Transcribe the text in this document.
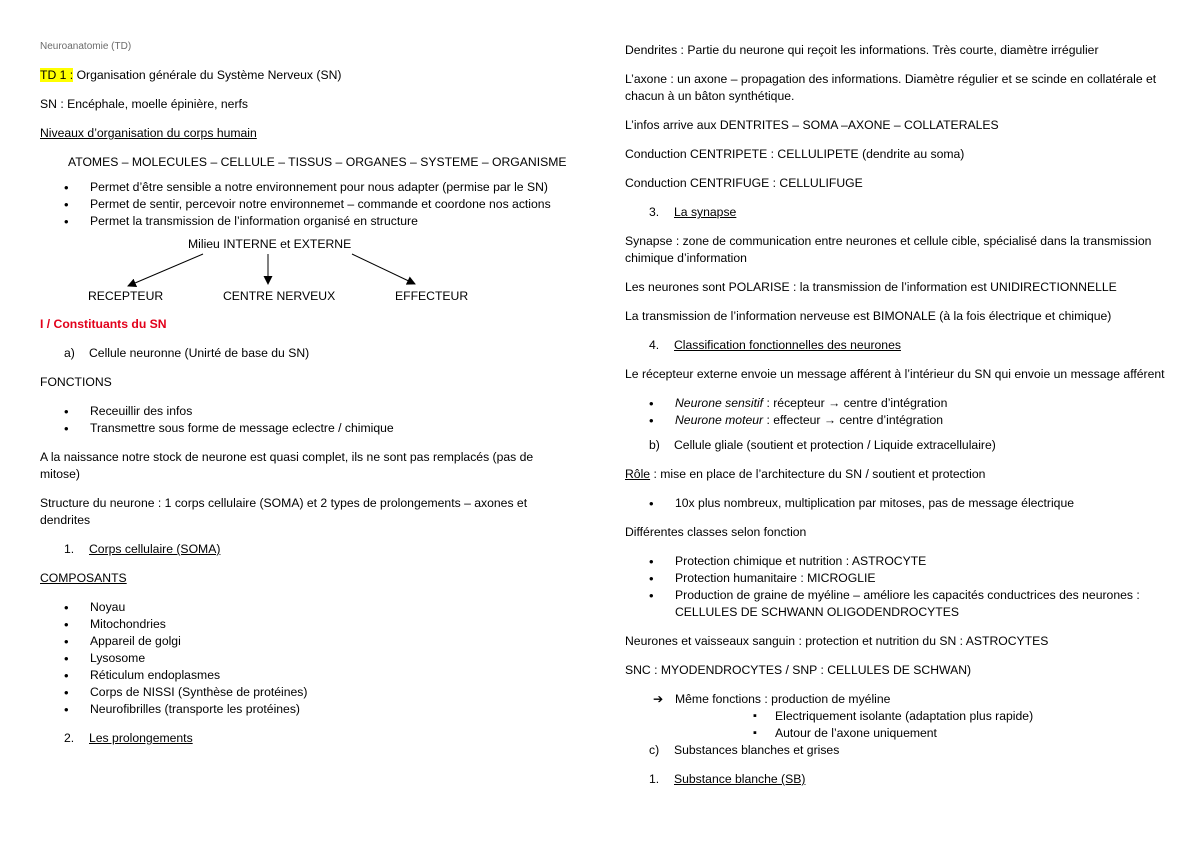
Neuroanatomie (TD)

TD 1 : Organisation générale du Système Nerveux (SN)

SN : Encéphale, moelle épinière, nerfs

Niveaux d’organisation du corps humain

ATOMES – MOLECULES – CELLULE – TISSUS – ORGANES – SYSTEME – ORGANISME

• Permet d’être sensible a notre environnement pour nous adapter (permise par le SN)
• Permet de sentir, percevoir notre environnemet – commande et coordone nos actions
• Permet la transmission de l’information organisé en structure
Milieu INTERNE et EXTERNE
RECEPTEUR	CENTRE NERVEUX	EFFECTEUR

I / Constituants du SN

a)	Cellule neuronne (Unirté de base du SN)

FONCTIONS

• Receuillir des infos
• Transmettre sous forme de message eclectre / chimique

A la naissance notre stock de neurone est quasi complet, ils ne sont pas remplacés (pas de mitose)

Structure du neurone : 1 corps cellulaire (SOMA) et 2 types de prolongements – axones et dendrites

1.	Corps cellulaire (SOMA)

COMPOSANTS

• Noyau
• Mitochondries
• Appareil de golgi
• Lysosome
• Réticulum endoplasmes
• Corps de NISSI (Synthèse de protéines)
• Neurofibrilles (transporte les protéines)

2.	Les prolongements

Dendrites : Partie du neurone qui reçoit les informations. Très courte, diamètre irrégulier

L’axone : un axone – propagation des informations. Diamètre régulier et se scinde en collatérale et chacun à un bâton synthétique.

L’infos arrive aux DENTRITES – SOMA –AXONE – COLLATERALES

Conduction CENTRIPETE : CELLULIPETE (dendrite au soma)

Conduction CENTRIFUGE : CELLULIFUGE

3.	La synapse

Synapse : zone de communication entre neurones et cellule cible, spécialisé dans la transmission chimique d’information

Les neurones sont POLARISE : la transmission de l’information est UNIDIRECTIONNELLE

La transmission de l’information nerveuse est BIMONALE (à la fois électrique et chimique)

4.	Classification fonctionnelles des neurones

Le récepteur externe envoie un message afférent à l’intérieur du SN qui envoie un message afférent

• Neurone sensitif : récepteur → centre d’intégration
• Neurone moteur : effecteur → centre d’intégration

b)	Cellule gliale (soutient et protection / Liquide extracellulaire)

Rôle : mise en place de l’architecture du SN / soutient et protection

• 10x plus nombreux, multiplication par mitoses, pas de message électrique

Différentes classes selon fonction

• Protection chimique et nutrition : ASTROCYTE
• Protection humanitaire : MICROGLIE
• Production de graine de myéline – améliore les capacités conductrices des neurones : CELLULES DE SCHWANN OLIGODENDROCYTES

Neurones et vaisseaux sanguin : protection et nutrition du SN : ASTROCYTES

SNC : MYODENDROCYTES / SNP : CELLULES DE SCHWAN)

➔ Même fonctions : production de myéline

▪ Electriquement isolante (adaptation plus rapide)
▪ Autour de l’axone uniquement

c)	Substances blanches et grises

1.	Substance blanche (SB)
